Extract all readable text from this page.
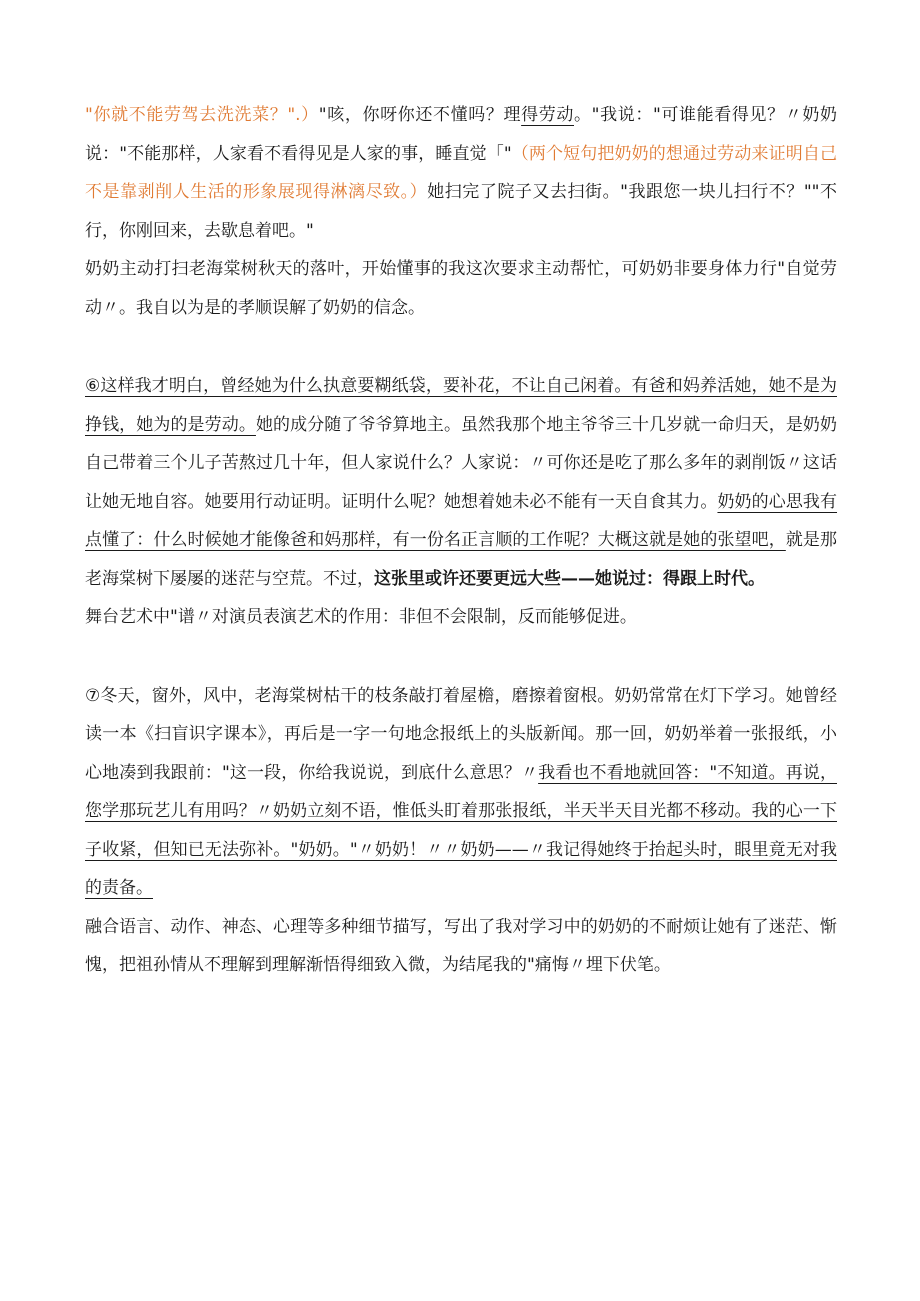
"你就不能劳驾去洗洗菜？".）"咳，你呀你还不懂吗？理得劳动。"我说："可谁能看得见？〃奶奶说："不能那样，人家看不看得见是人家的事，睡直觉「"（两个短句把奶奶的想通过劳动来证明自己不是靠剥削人生活的形象展现得淋漓尽致。）她扫完了院子又去扫街。"我跟您一块儿扫行不？""不行，你刚回来，去歇息着吧。"

奶奶主动打扫老海棠树秋天的落叶，开始懂事的我这次要求主动帮忙，可奶奶非要身体力行"自觉劳动〃。我自以为是的孝顺误解了奶奶的信念。

⑥这样我才明白，曾经她为什么执意要糊纸袋，要补花，不让自己闲着。有爸和妈养活她，她不是为挣钱，她为的是劳动。她的成分随了爷爷算地主。虽然我那个地主爷爷三十几岁就一命归天，是奶奶自己带着三个儿子苦熬过几十年，但人家说什么？人家说：〃可你还是吃了那么多年的剥削饭〃这话让她无地自容。她要用行动证明。证明什么呢？她想着她未必不能有一天自食其力。奶奶的心思我有点懂了：什么时候她才能像爸和妈那样，有一份名正言顺的工作呢？大概这就是她的张望吧，就是那老海棠树下屡屡的迷茫与空荒。不过，这张里或许还要更远大些——她说过：得跟上时代。

舞台艺术中"谱〃对演员表演艺术的作用：非但不会限制，反而能够促进。

⑦冬天，窗外，风中，老海棠树枯干的枝条敲打着屋檐，磨擦着窗根。奶奶常常在灯下学习。她曾经读一本《扫盲识字课本》，再后是一字一句地念报纸上的头版新闻。那一回，奶奶举着一张报纸，小心地凑到我跟前："这一段，你给我说说，到底什么意思？〃我看也不看地就回答："不知道。再说，您学那玩艺儿有用吗？〃奶奶立刻不语，惟低头盯着那张报纸，半天半天目光都不移动。我的心一下子收紧，但知已无法弥补。"奶奶。"〃奶奶！〃〃奶奶——〃我记得她终于抬起头时，眼里竟无对我的责备。

融合语言、动作、神态、心理等多种细节描写，写出了我对学习中的奶奶的不耐烦让她有了迷茫、惭愧，把祖孙情从不理解到理解渐悟得细致入微，为结尾我的"痛悔〃埋下伏笔。
